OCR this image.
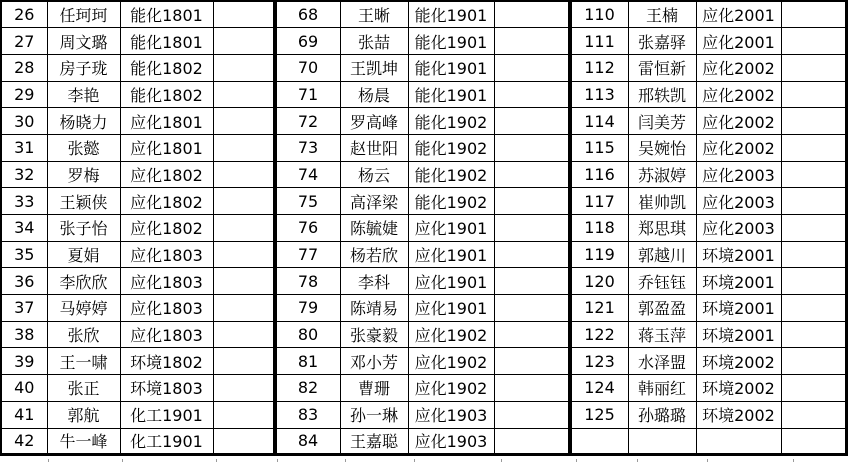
26	任珂珂	能化1801	
27	周文璐	能化1801	
28	房子珑	能化1802	
29	李艳	能化1802	
30	杨晓力	应化1801	
31	张懿	应化1801	
32	罗梅	应化1802	
33	王颖侠	应化1802	
34	张子怡	应化1802	
35	夏娟	应化1803	
36	李欣欣	应化1803	
37	马婷婷	应化1803	
38	张欣	应化1803	
39	王一啸	环境1802	
40	张正	环境1803	
41	郭航	化工1901	
42	牛一峰	化工1901	
68	王晰	能化1901	
69	张喆	能化1901	
70	王凯坤	能化1901	
71	杨晨	能化1901	
72	罗高峰	能化1902	
73	赵世阳	能化1902	
74	杨云	能化1902	
75	高泽梁	能化1902	
76	陈毓婕	应化1901	
77	杨若欣	应化1901	
78	李科	应化1901	
79	陈靖易	应化1901	
80	张豪毅	应化1902	
81	邓小芳	应化1902	
82	曹珊	应化1902	
83	孙一琳	应化1903	
84	王嘉聪	应化1903	
110	王楠	应化2001	
111	张嘉驿	应化2001	
112	雷恒新	应化2002	
113	邢轶凯	应化2002	
114	闫美芳	应化2002	
115	吴婉怡	应化2002	
116	苏淑婷	应化2003	
117	崔帅凯	应化2003	
118	郑思琪	应化2003	
119	郭越川	环境2001	
120	乔钰钰	环境2001	
121	郭盈盈	环境2001	
122	蒋玉萍	环境2001	
123	水泽盟	环境2002	
124	韩丽红	环境2002	
125	孙璐璐	环境2002	
